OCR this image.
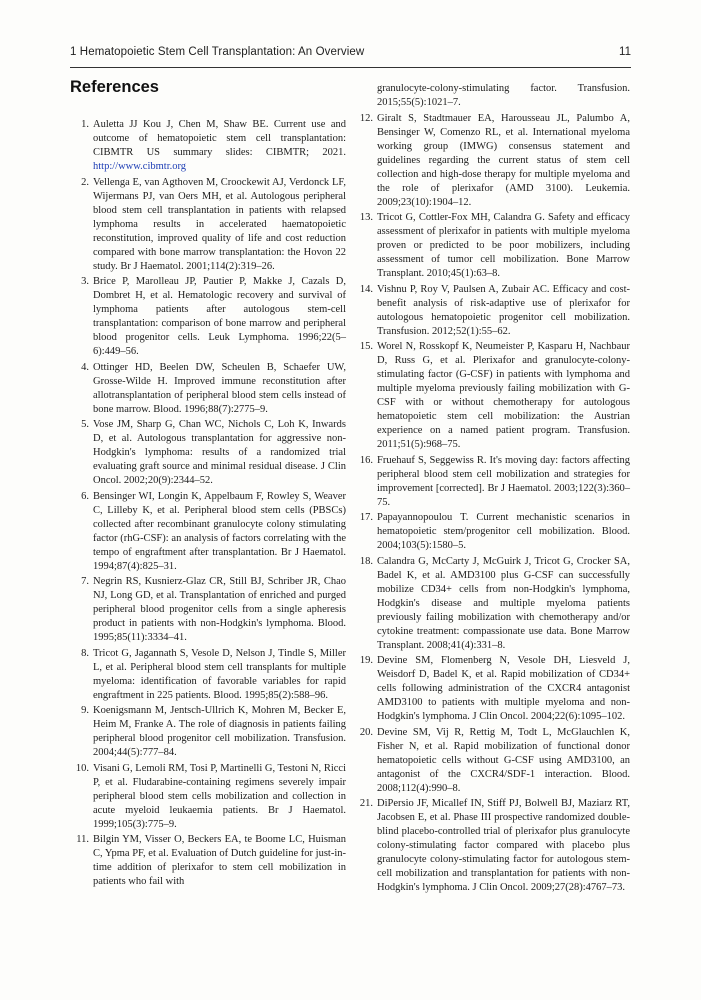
1 Hematopoietic Stem Cell Transplantation: An Overview	11
References
1. Auletta JJ Kou J, Chen M, Shaw BE. Current use and outcome of hematopoietic stem cell transplantation: CIBMTR US summary slides: CIBMTR; 2021. http://www.cibmtr.org
2. Vellenga E, van Agthoven M, Croockewit AJ, Verdonck LF, Wijermans PJ, van Oers MH, et al. Autologous peripheral blood stem cell transplantation in patients with relapsed lymphoma results in accelerated haematopoietic reconstitution, improved quality of life and cost reduction compared with bone marrow transplantation: the Hovon 22 study. Br J Haematol. 2001;114(2):319–26.
3. Brice P, Marolleau JP, Pautier P, Makke J, Cazals D, Dombret H, et al. Hematologic recovery and survival of lymphoma patients after autologous stem-cell transplantation: comparison of bone marrow and peripheral blood progenitor cells. Leuk Lymphoma. 1996;22(5–6):449–56.
4. Ottinger HD, Beelen DW, Scheulen B, Schaefer UW, Grosse-Wilde H. Improved immune reconstitution after allotransplantation of peripheral blood stem cells instead of bone marrow. Blood. 1996;88(7):2775–9.
5. Vose JM, Sharp G, Chan WC, Nichols C, Loh K, Inwards D, et al. Autologous transplantation for aggressive non-Hodgkin's lymphoma: results of a randomized trial evaluating graft source and minimal residual disease. J Clin Oncol. 2002;20(9):2344–52.
6. Bensinger WI, Longin K, Appelbaum F, Rowley S, Weaver C, Lilleby K, et al. Peripheral blood stem cells (PBSCs) collected after recombinant granulocyte colony stimulating factor (rhG-CSF): an analysis of factors correlating with the tempo of engraftment after transplantation. Br J Haematol. 1994;87(4):825–31.
7. Negrin RS, Kusnierz-Glaz CR, Still BJ, Schriber JR, Chao NJ, Long GD, et al. Transplantation of enriched and purged peripheral blood progenitor cells from a single apheresis product in patients with non-Hodgkin's lymphoma. Blood. 1995;85(11):3334–41.
8. Tricot G, Jagannath S, Vesole D, Nelson J, Tindle S, Miller L, et al. Peripheral blood stem cell transplants for multiple myeloma: identification of favorable variables for rapid engraftment in 225 patients. Blood. 1995;85(2):588–96.
9. Koenigsmann M, Jentsch-Ullrich K, Mohren M, Becker E, Heim M, Franke A. The role of diagnosis in patients failing peripheral blood progenitor cell mobilization. Transfusion. 2004;44(5):777–84.
10. Visani G, Lemoli RM, Tosi P, Martinelli G, Testoni N, Ricci P, et al. Fludarabine-containing regimens severely impair peripheral blood stem cells mobilization and collection in acute myeloid leukaemia patients. Br J Haematol. 1999;105(3):775–9.
11. Bilgin YM, Visser O, Beckers EA, te Boome LC, Huisman C, Ypma PF, et al. Evaluation of Dutch guideline for just-in-time addition of plerixafor to stem cell mobilization in patients who fail with
granulocyte-colony-stimulating factor. Transfusion. 2015;55(5):1021–7.
12. Giralt S, Stadtmauer EA, Harousseau JL, Palumbo A, Bensinger W, Comenzo RL, et al. International myeloma working group (IMWG) consensus statement and guidelines regarding the current status of stem cell collection and high-dose therapy for multiple myeloma and the role of plerixafor (AMD 3100). Leukemia. 2009;23(10):1904–12.
13. Tricot G, Cottler-Fox MH, Calandra G. Safety and efficacy assessment of plerixafor in patients with multiple myeloma proven or predicted to be poor mobilizers, including assessment of tumor cell mobilization. Bone Marrow Transplant. 2010;45(1):63–8.
14. Vishnu P, Roy V, Paulsen A, Zubair AC. Efficacy and cost-benefit analysis of risk-adaptive use of plerixafor for autologous hematopoietic progenitor cell mobilization. Transfusion. 2012;52(1):55–62.
15. Worel N, Rosskopf K, Neumeister P, Kasparu H, Nachbaur D, Russ G, et al. Plerixafor and granulocyte-colony-stimulating factor (G-CSF) in patients with lymphoma and multiple myeloma previously failing mobilization with G-CSF with or without chemotherapy for autologous hematopoietic stem cell mobilization: the Austrian experience on a named patient program. Transfusion. 2011;51(5):968–75.
16. Fruehauf S, Seggewiss R. It's moving day: factors affecting peripheral blood stem cell mobilization and strategies for improvement [corrected]. Br J Haematol. 2003;122(3):360–75.
17. Papayannopoulou T. Current mechanistic scenarios in hematopoietic stem/progenitor cell mobilization. Blood. 2004;103(5):1580–5.
18. Calandra G, McCarty J, McGuirk J, Tricot G, Crocker SA, Badel K, et al. AMD3100 plus G-CSF can successfully mobilize CD34+ cells from non-Hodgkin's lymphoma, Hodgkin's disease and multiple myeloma patients previously failing mobilization with chemotherapy and/or cytokine treatment: compassionate use data. Bone Marrow Transplant. 2008;41(4):331–8.
19. Devine SM, Flomenberg N, Vesole DH, Liesveld J, Weisdorf D, Badel K, et al. Rapid mobilization of CD34+ cells following administration of the CXCR4 antagonist AMD3100 to patients with multiple myeloma and non-Hodgkin's lymphoma. J Clin Oncol. 2004;22(6):1095–102.
20. Devine SM, Vij R, Rettig M, Todt L, McGlauchlen K, Fisher N, et al. Rapid mobilization of functional donor hematopoietic cells without G-CSF using AMD3100, an antagonist of the CXCR4/SDF-1 interaction. Blood. 2008;112(4):990–8.
21. DiPersio JF, Micallef IN, Stiff PJ, Bolwell BJ, Maziarz RT, Jacobsen E, et al. Phase III prospective randomized double-blind placebo-controlled trial of plerixafor plus granulocyte colony-stimulating factor compared with placebo plus granulocyte colony-stimulating factor for autologous stem-cell mobilization and transplantation for patients with non-Hodgkin's lymphoma. J Clin Oncol. 2009;27(28):4767–73.
